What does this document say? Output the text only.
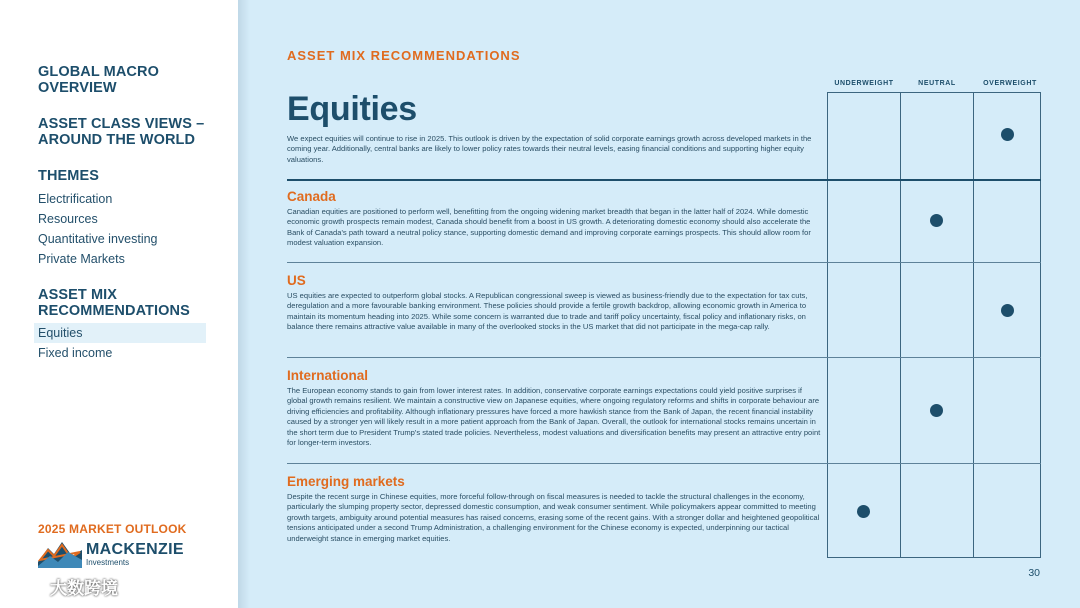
GLOBAL MACRO OVERVIEW
ASSET CLASS VIEWS – AROUND THE WORLD
THEMES
Electrification
Resources
Quantitative investing
Private Markets
ASSET MIX RECOMMENDATIONS
Equities
Fixed income
2025 MARKET OUTLOOK
MACKENZIE
Investments
大数跨境
ASSET MIX RECOMMENDATIONS
UNDERWEIGHT	NEUTRAL	OVERWEIGHT
Equities
We expect equities will continue to rise in 2025. This outlook is driven by the expectation of solid corporate earnings growth across developed markets in the coming year. Additionally, central banks are likely to lower policy rates towards their neutral levels, easing financial conditions and supporting higher equity valuations.
Canada
Canadian equities are positioned to perform well, benefitting from the ongoing widening market breadth that began in the latter half of 2024. While domestic economic growth prospects remain modest, Canada should benefit from a boost in US growth. A deteriorating domestic economy should also accelerate the Bank of Canada's path toward a neutral policy stance, supporting domestic demand and improving corporate earnings prospects. This should allow room for modest valuation expansion.
US
US equities are expected to outperform global stocks. A Republican congressional sweep is viewed as business-friendly due to the expectation for tax cuts, deregulation and a more favourable banking environment. These policies should provide a fertile growth backdrop, allowing economic growth in America to maintain its momentum heading into 2025. While some concern is warranted due to trade and tariff policy uncertainty, fiscal policy and inflationary risks, on balance there remains attractive value available in many of the overlooked stocks in the US market that did not participate in the mega-cap rally.
International
The European economy stands to gain from lower interest rates. In addition, conservative corporate earnings expectations could yield positive surprises if global growth remains resilient. We maintain a constructive view on Japanese equities, where ongoing regulatory reforms and shifts in corporate behaviour are driving efficiencies and profitability. Although inflationary pressures have forced a more hawkish stance from the Bank of Japan, the recent financial instability caused by a stronger yen will likely result in a more patient approach from the Bank of Japan. Overall, the outlook for international stocks remains uncertain in the short term due to President Trump's stated trade policies. Nevertheless, modest valuations and diversification benefits may present an attractive entry point for longer-term investors.
Emerging markets
Despite the recent surge in Chinese equities, more forceful follow-through on fiscal measures is needed to tackle the structural challenges in the economy, particularly the slumping property sector, depressed domestic consumption, and weak consumer sentiment. While policymakers appear committed to meeting growth targets, ambiguity around potential measures has raised concerns, erasing some of the recent gains. With a stronger dollar and heightened geopolitical tensions anticipated under a second Trump Administration, a challenging environment for the Chinese economy is expected, underpinning our tactical underweight stance in emerging market equities.
30
